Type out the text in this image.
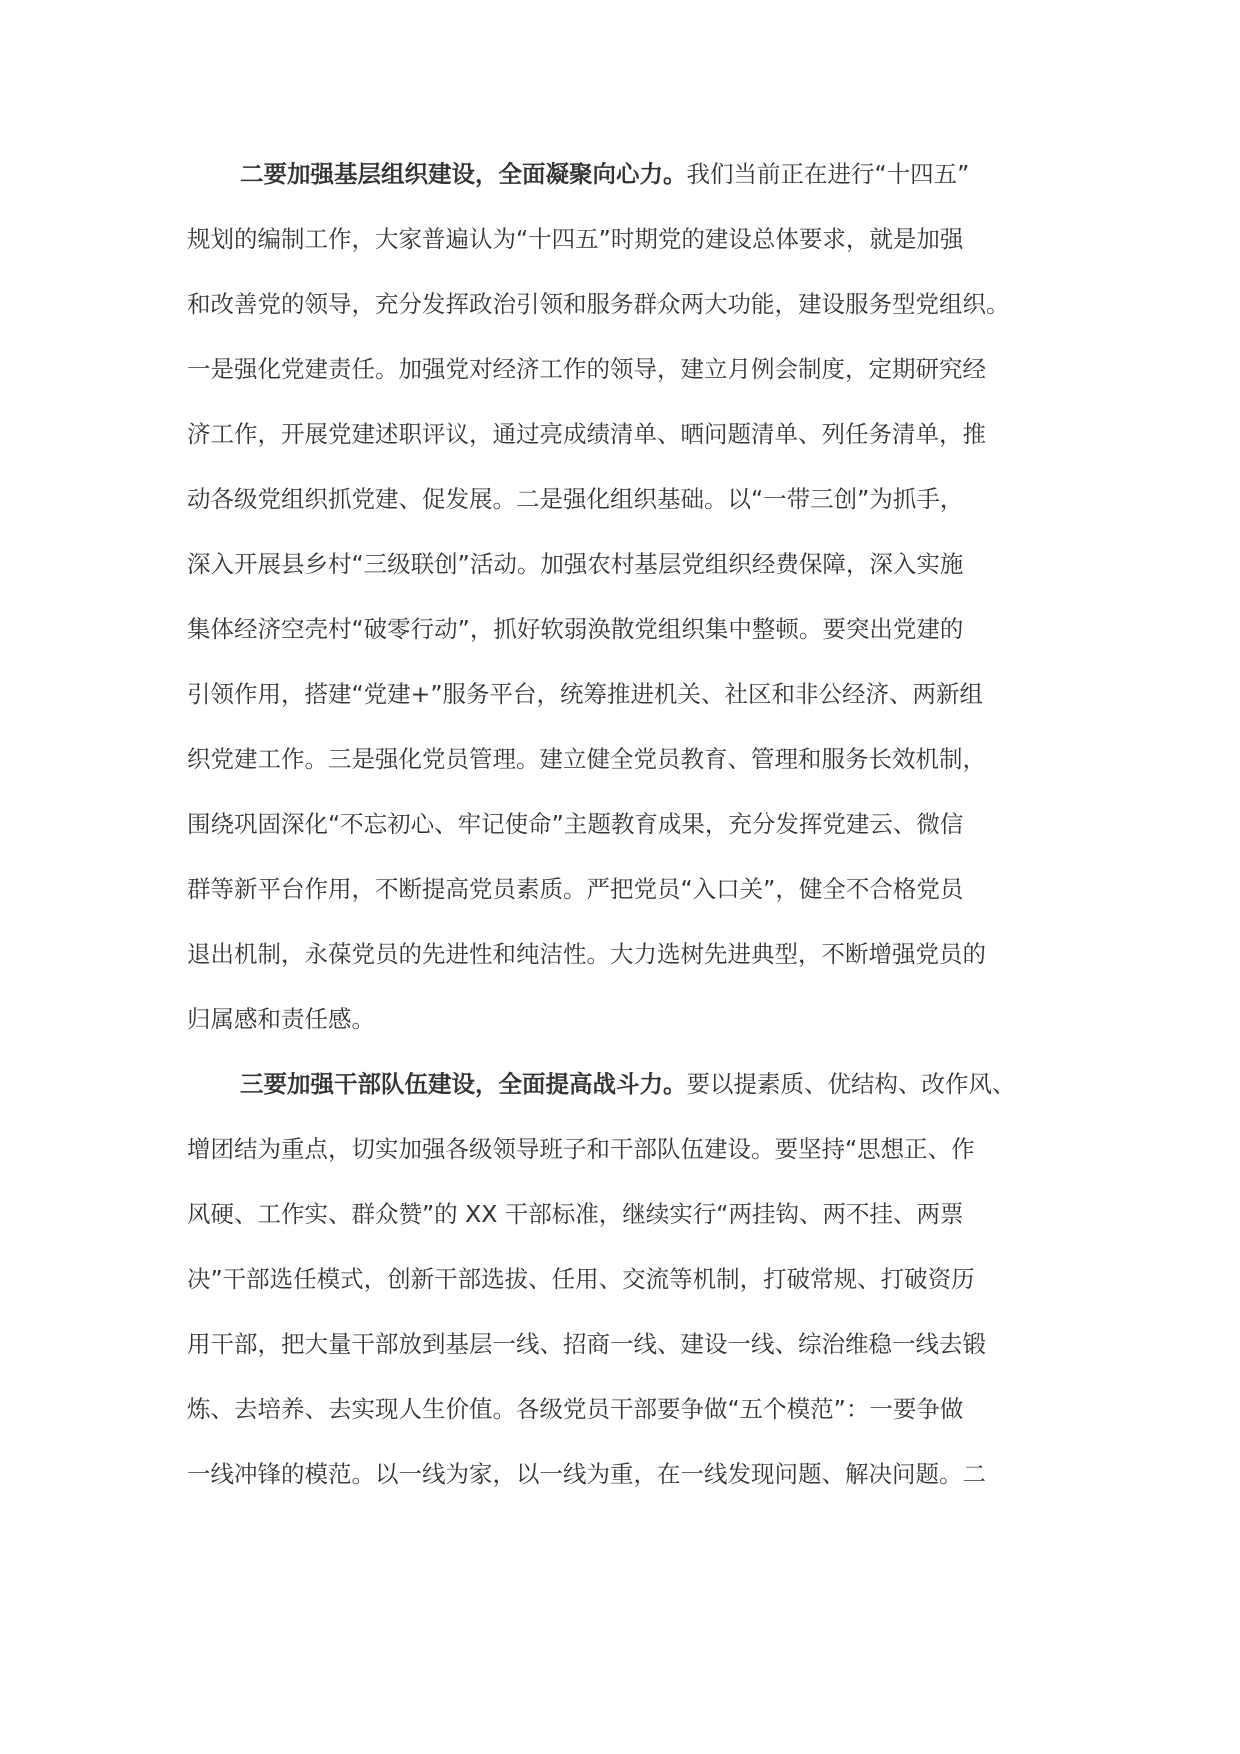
二要加强基层组织建设，全面凝聚向心力。我们当前正在进行“十四五”
规划的编制工作，大家普遍认为“十四五”时期党的建设总体要求，就是加强
和改善党的领导，充分发挥政治引领和服务群众两大功能，建设服务型党组织。
一是强化党建责任。加强党对经济工作的领导，建立月例会制度，定期研究经
济工作，开展党建述职评议，通过亮成绩清单、晒问题清单、列任务清单，推
动各级党组织抓党建、促发展。二是强化组织基础。以“一带三创”为抓手，
深入开展县乡村“三级联创”活动。加强农村基层党组织经费保障，深入实施
集体经济空壳村“破零行动”，抓好软弱涣散党组织集中整顿。要突出党建的
引领作用，搭建“党建+”服务平台，统筹推进机关、社区和非公经济、两新组
织党建工作。三是强化党员管理。建立健全党员教育、管理和服务长效机制，
围绕巩固深化“不忘初心、牢记使命”主题教育成果，充分发挥党建云、微信
群等新平台作用，不断提高党员素质。严把党员“入口关”，健全不合格党员
退出机制，永葆党员的先进性和纯洁性。大力选树先进典型，不断增强党员的
归属感和责任感。
三要加强干部队伍建设，全面提高战斗力。要以提素质、优结构、改作风、
增团结为重点，切实加强各级领导班子和干部队伍建设。要坚持“思想正、作
风硬、工作实、群众赞”的 XX 干部标准，继续实行“两挂钩、两不挂、两票
决”干部选任模式，创新干部选拔、任用、交流等机制，打破常规、打破资历
用干部，把大量干部放到基层一线、招商一线、建设一线、综治维稳一线去锻
炼、去培养、去实现人生价值。各级党员干部要争做“五个模范”：一要争做
一线冲锋的模范。以一线为家，以一线为重，在一线发现问题、解决问题。二
